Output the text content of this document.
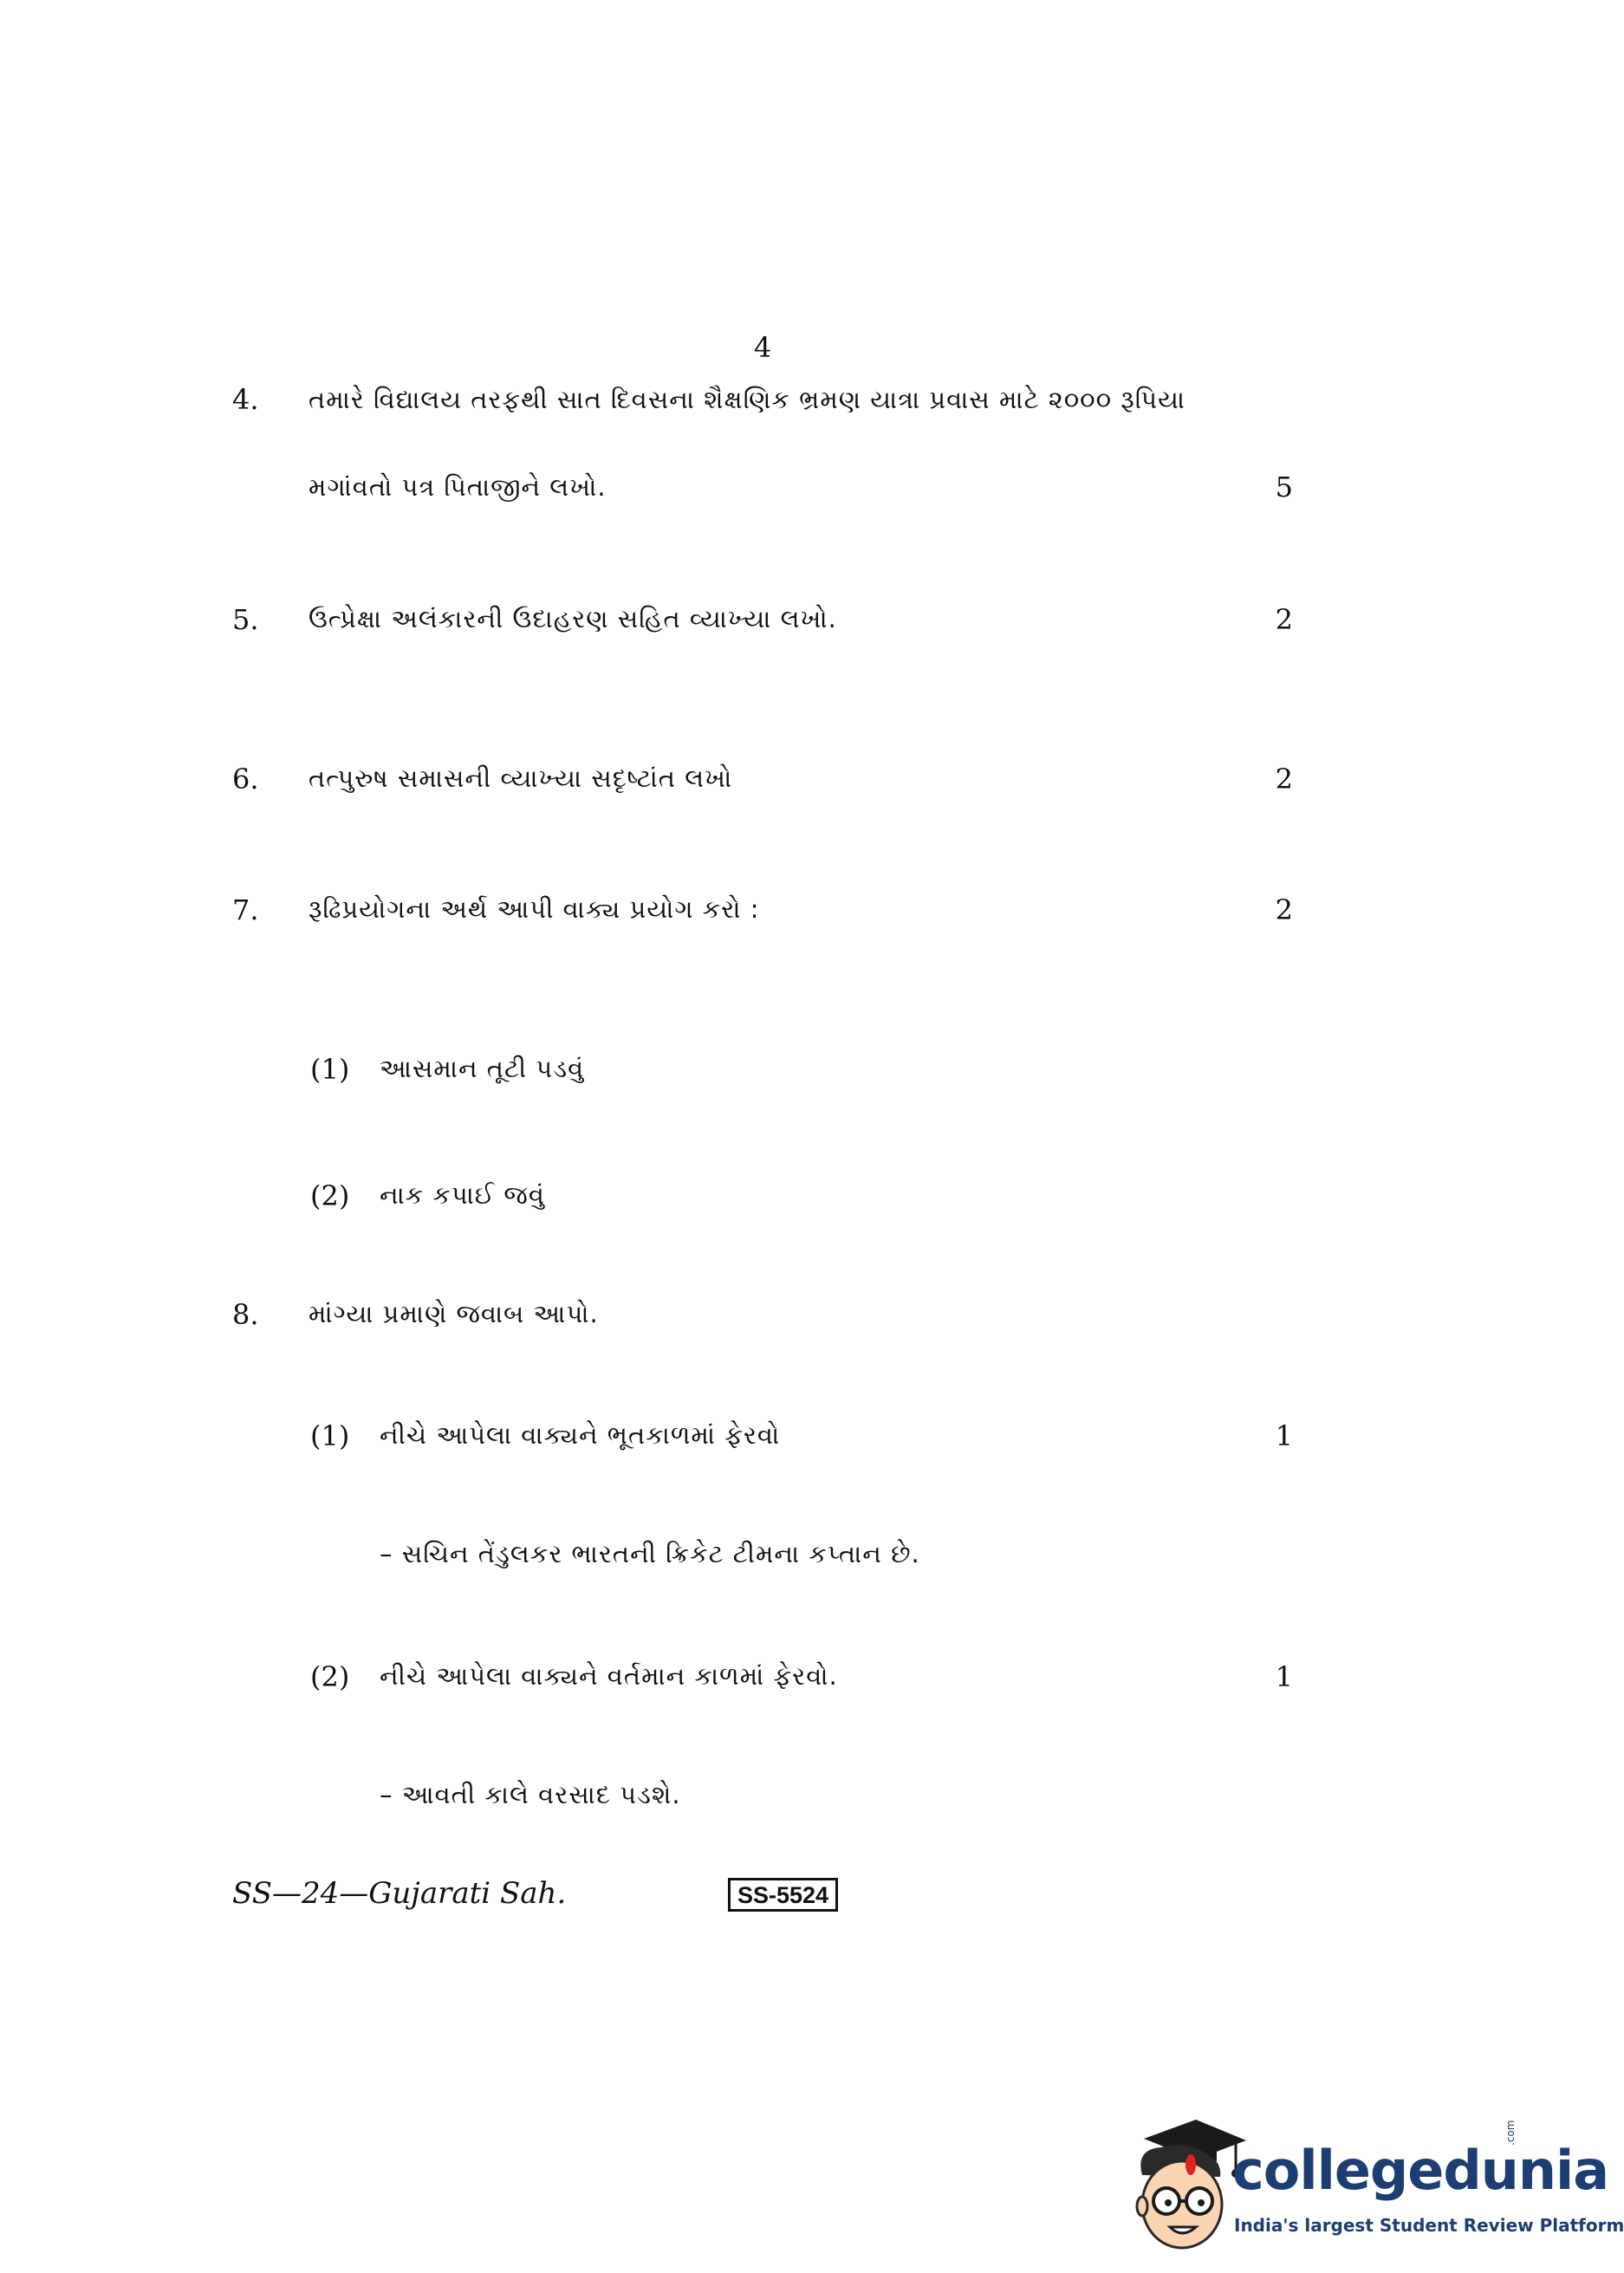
4
4. તમારે વિદ્યાલય તરફથી સાત દિવસના શૈક્ષણિક ભ્રમણ યાત્રા પ્રવાસ માટે ૨૦૦૦ રૂપિયા
મગાંવતો પત્ર પિતાજીને લખો.	5
5. ઉત્પ્રેક્ષા અલંકારની ઉદાહરણ સહિત વ્યાખ્યા લખો.	2
6. તત્પુરુષ સમાસની વ્યાખ્યા સદૃષ્ટાંત લખો	2
7. રૂઢિપ્રયોગના અર્થ આપી વાક્ય પ્રયોગ કરો :	2
(1) આસમાન તૂટી પડવું
(2) નાક કપાઈ જવું
8. માંગ્યા પ્રમાણે જવાબ આપો.
(1) નીચે આપેલા વાક્યને ભૂતકાળમાં ફેરવો	1
– સચિન તેંડુલકર ભારતની ક્રિકેટ ટીમના કપ્તાન છે.
(2) નીચે આપેલા વાક્યને વર્તમાન કાળમાં ફેરવો.	1
– આવતી કાલે વરસાદ પડશે.
SS—24—Gujarati Sah.	SS-5524
collegedunia
.com
India's largest Student Review Platform
